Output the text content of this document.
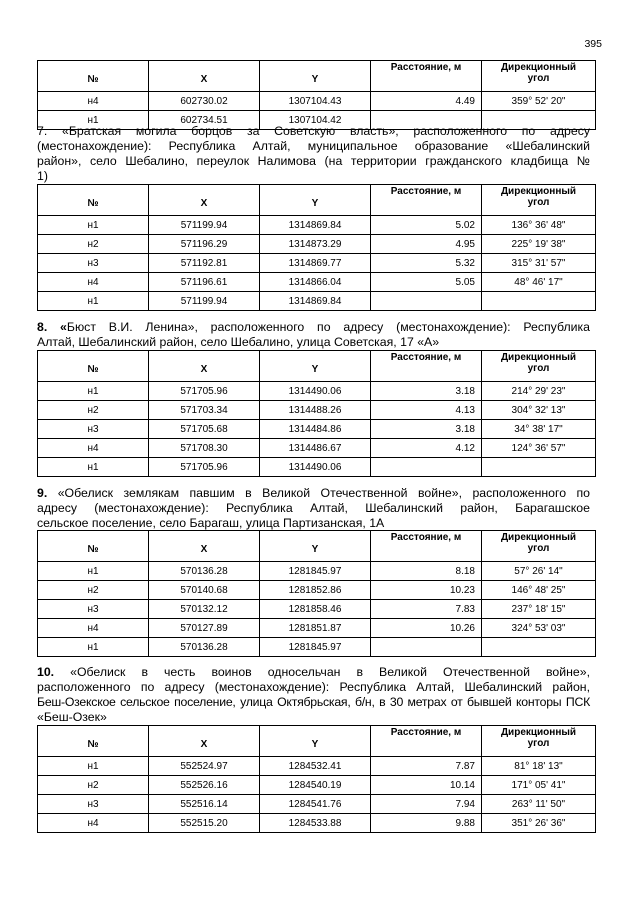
395
№	X	Y	Расстояние, м	Дирекционный
угол
н4	602730.02	1307104.43	4.49	359° 52' 20"
н1	602734.51	1307104.42		
7. «Братская могила борцов за Советскую власть», расположенного по адресу
(местонахождение): Республика Алтай, муниципальное образование «Шебалинский
район», село Шебалино, переулок Налимова (на территории гражданского кладбища №
1)
№	X	Y	Расстояние, м	Дирекционный
угол
н1	571199.94	1314869.84	5.02	136° 36' 48"
н2	571196.29	1314873.29	4.95	225° 19' 38"
н3	571192.81	1314869.77	5.32	315° 31' 57"
н4	571196.61	1314866.04	5.05	48° 46' 17"
н1	571199.94	1314869.84		
8. «Бюст В.И. Ленина», расположенного по адресу (местонахождение): Республика
Алтай, Шебалинский район, село Шебалино, улица Советская, 17 «А»
№	X	Y	Расстояние, м	Дирекционный
угол
н1	571705.96	1314490.06	3.18	214° 29' 23"
н2	571703.34	1314488.26	4.13	304° 32' 13"
н3	571705.68	1314484.86	3.18	34° 38' 17"
н4	571708.30	1314486.67	4.12	124° 36' 57"
н1	571705.96	1314490.06		
9. «Обелиск землякам павшим в Великой Отечественной войне», расположенного по
адресу (местонахождение): Республика Алтай, Шебалинский район, Барагашское
сельское поселение, село Барагаш, улица Партизанская, 1А
№	X	Y	Расстояние, м	Дирекционный
угол
н1	570136.28	1281845.97	8.18	57° 26' 14"
н2	570140.68	1281852.86	10.23	146° 48' 25"
н3	570132.12	1281858.46	7.83	237° 18' 15"
н4	570127.89	1281851.87	10.26	324° 53' 03"
н1	570136.28	1281845.97		
10. «Обелиск в честь воинов односельчан в Великой Отечественной войне»,
расположенного по адресу (местонахождение): Республика Алтай, Шебалинский район,
Беш-Озекское сельское поселение, улица Октябрьская, б/н, в 30 метрах от бывшей конторы ПСК
«Беш-Озек»
№	X	Y	Расстояние, м	Дирекционный
угол
н1	552524.97	1284532.41	7.87	81° 18' 13"
н2	552526.16	1284540.19	10.14	171° 05' 41"
н3	552516.14	1284541.76	7.94	263° 11' 50"
н4	552515.20	1284533.88	9.88	351° 26' 36"
